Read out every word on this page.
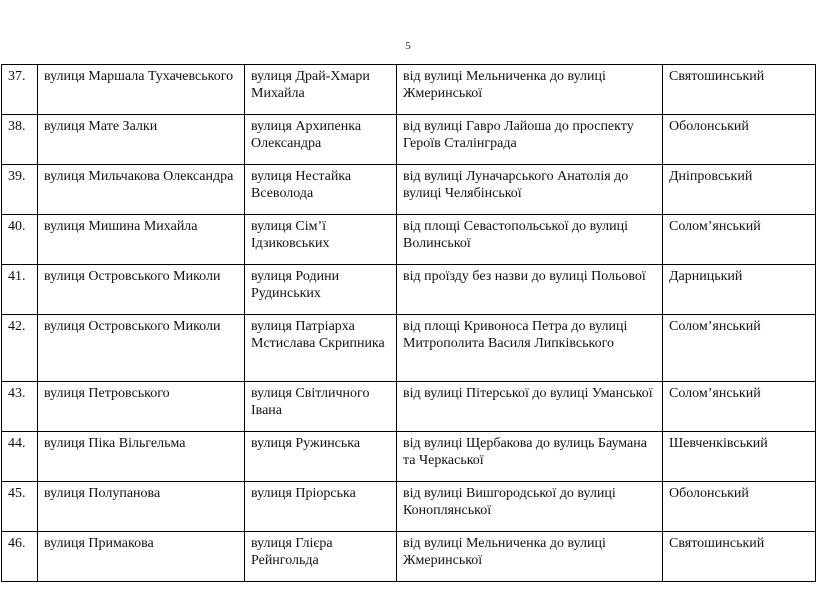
5
37.	вулиця Маршала Тухачевського	вулиця Драй-Хмари Михайла	від вулиці Мельниченка до вулиці Жмеринської	Святошинський
38.	вулиця Мате Залки	вулиця Архипенка Олександра	від вулиці Гавро Лайоша до проспекту Героїв Сталінграда	Оболонський
39.	вулиця Мильчакова Олександра	вулиця Нестайка Всеволода	від вулиці Луначарського Анатолія до вулиці Челябінської	Дніпровський
40.	вулиця Мишина Михайла	вулиця Сім’ї Ідзиковських	від площі Севастопольської до вулиці Волинської	Солом’янський
41.	вулиця Островського Миколи	вулиця Родини Рудинських	від проїзду без назви до вулиці Польової	Дарницький
42.	вулиця Островського Миколи	вулиця Патріарха Мстислава Скрипника	від площі Кривоноса Петра до вулиці Митрополита Василя Липківського	Солом’янський
43.	вулиця Петровського	вулиця Світличного Івана	від вулиці Пітерської до вулиці Уманської	Солом’янський
44.	вулиця Піка Вільгельма	вулиця Ружинська	від вулиці Щербакова до вулиць Баумана та Черкаської	Шевченківський
45.	вулиця Полупанова	вулиця Пріорська	від вулиці Вишгородської до вулиці Коноплянської	Оболонський
46.	вулиця Примакова	вулиця Глієра Рейнгольда	від вулиці Мельниченка до вулиці Жмеринської	Святошинський
